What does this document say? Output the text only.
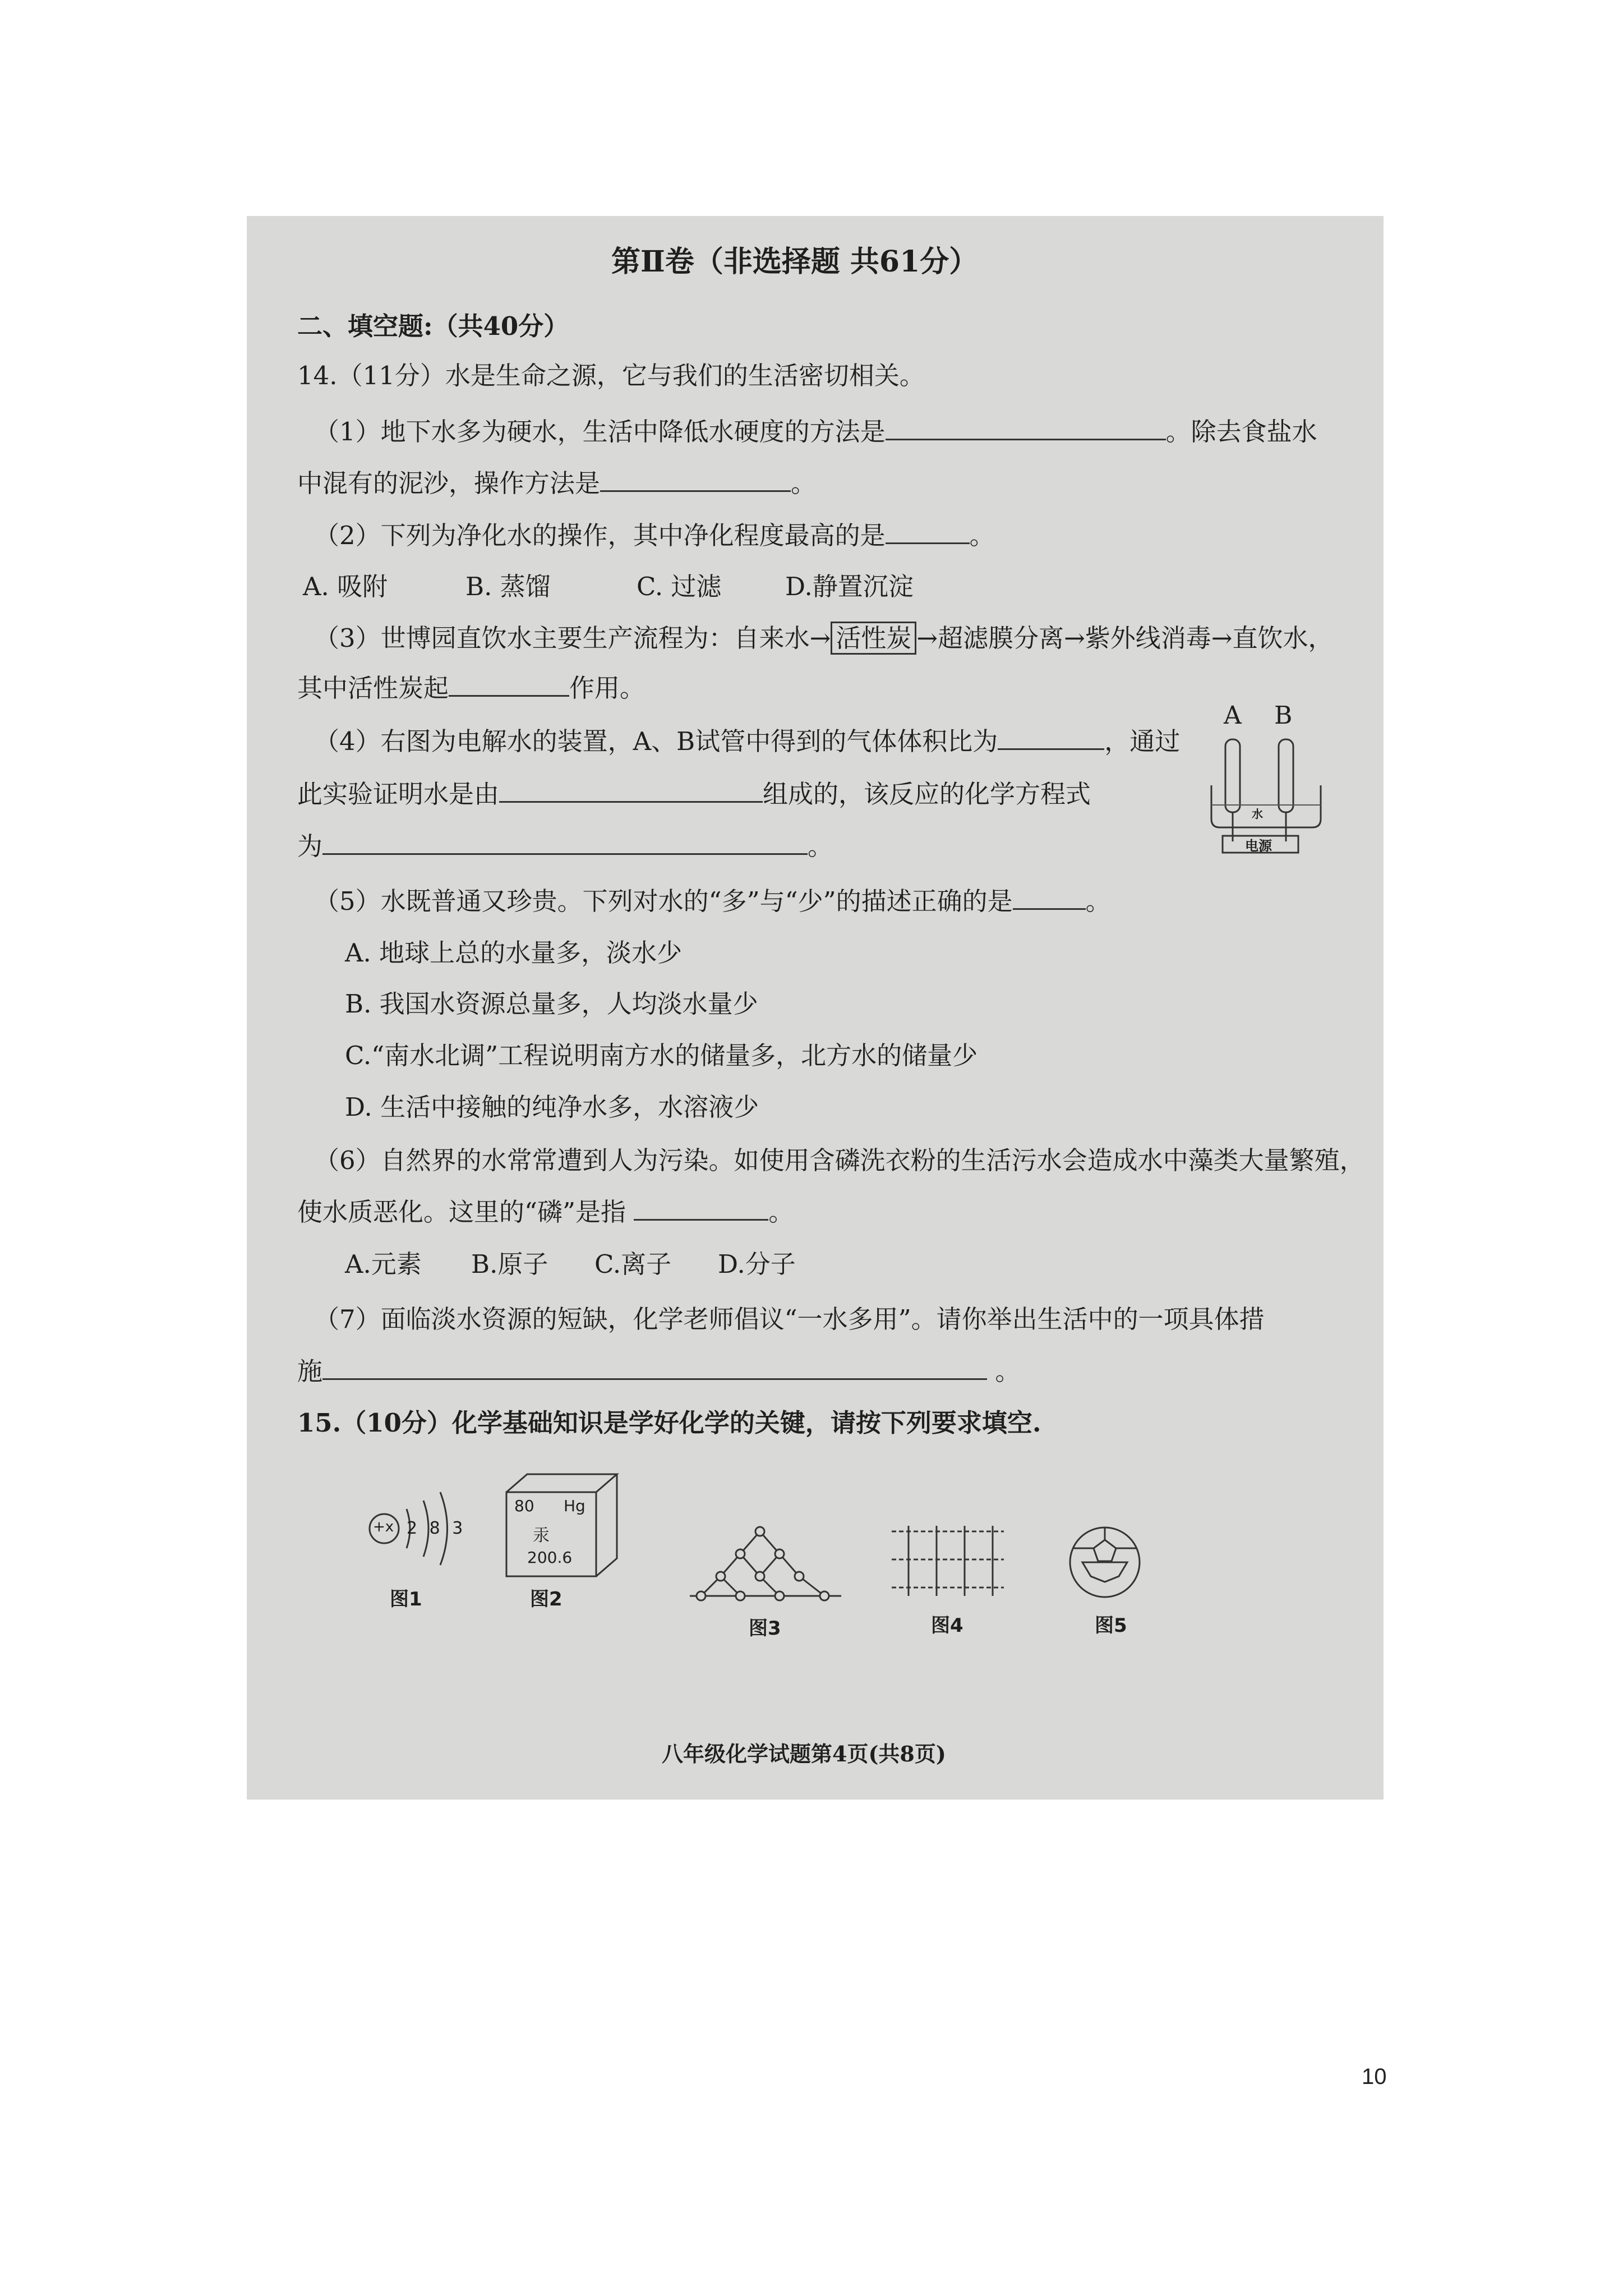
第Ⅱ卷（非选择题 共61分）
二、填空题:（共40分）
14.（11分）水是生命之源，它与我们的生活密切相关。
（1）地下水多为硬水，生活中降低水硬度的方法是	。除去食盐水
中混有的泥沙，操作方法是	。
（2）下列为净化水的操作，其中净化程度最高的是	。
A. 吸附	B. 蒸馏	C. 过滤	D.静置沉淀
（3）世博园直饮水主要生产流程为：自来水→ 活性炭 →超滤膜分离→紫外线消毒→直饮水，
其中活性炭起	作用。
（4）右图为电解水的装置，A、B试管中得到的气体体积比为	，通过
此实验证明水是由	组成的，该反应的化学方程式
为	。
A B
水
电源
（5）水既普通又珍贵。下列对水的“多”与“少”的描述正确的是	。
A. 地球上总的水量多，淡水少
B. 我国水资源总量多，人均淡水量少
C.“南水北调”工程说明南方水的储量多，北方水的储量少
D. 生活中接触的纯净水多，水溶液少
（6）自然界的水常常遭到人为污染。如使用含磷洗衣粉的生活污水会造成水中藻类大量繁殖，
使水质恶化。这里的“磷”是指	。
A.元素 B.原子 C.离子 D.分子
（7）面临淡水资源的短缺，化学老师倡议“一水多用”。请你举出生活中的一项具体措
施	。
15.（10分）化学基础知识是学好化学的关键，请按下列要求填空.
+x 2 8 3
图1
80 Hg
汞
200.6
图2
图3	图4	图5
八年级化学试题第4页(共8页)
10
